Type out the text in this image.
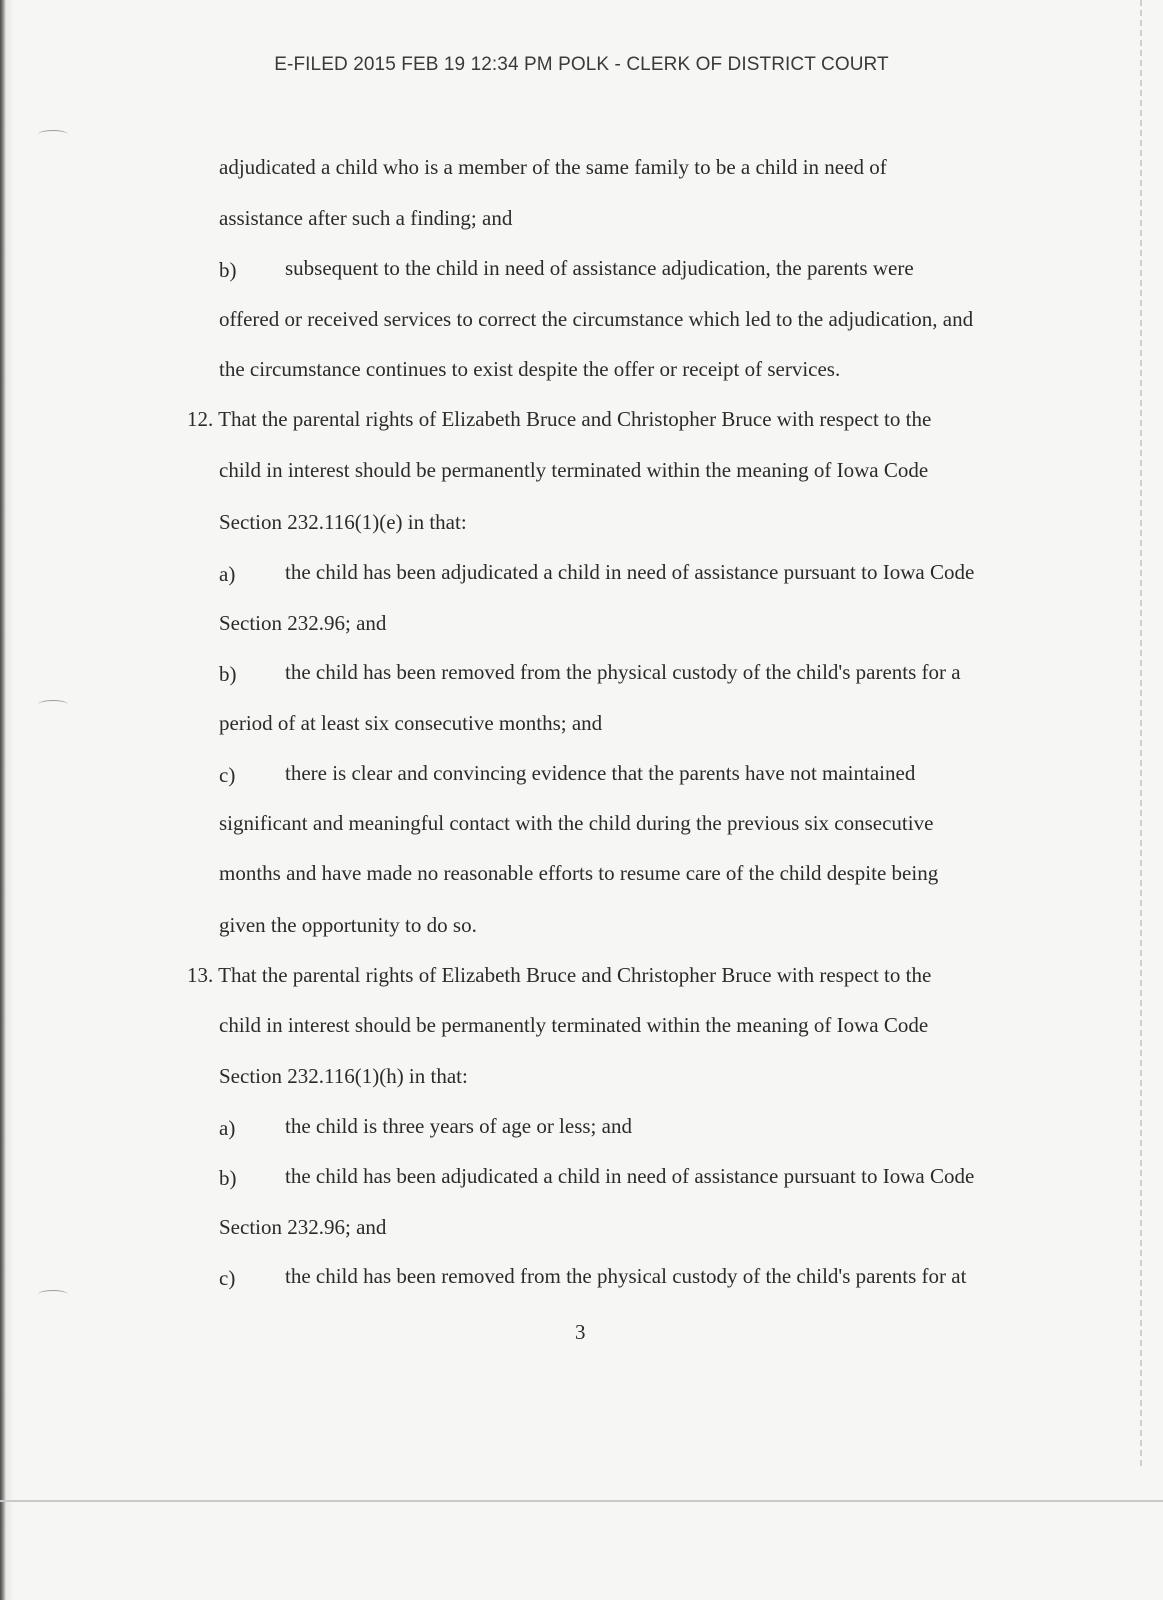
E-FILED 2015 FEB 19 12:34 PM POLK - CLERK OF DISTRICT COURT
adjudicated a child who is a member of the same family to be a child in need of
assistance after such a finding; and
b) subsequent to the child in need of assistance adjudication, the parents were
offered or received services to correct the circumstance which led to the adjudication, and
the circumstance continues to exist despite the offer or receipt of services.
12. That the parental rights of Elizabeth Bruce and Christopher Bruce with respect to the
child in interest should be permanently terminated within the meaning of Iowa Code
Section 232.116(1)(e) in that:
a) the child has been adjudicated a child in need of assistance pursuant to Iowa Code
Section 232.96; and
b) the child has been removed from the physical custody of the child's parents for a
period of at least six consecutive months; and
c) there is clear and convincing evidence that the parents have not maintained
significant and meaningful contact with the child during the previous six consecutive
months and have made no reasonable efforts to resume care of the child despite being
given the opportunity to do so.
13. That the parental rights of Elizabeth Bruce and Christopher Bruce with respect to the
child in interest should be permanently terminated within the meaning of Iowa Code
Section 232.116(1)(h) in that:
a) the child is three years of age or less; and
b) the child has been adjudicated a child in need of assistance pursuant to Iowa Code
Section 232.96; and
c) the child has been removed from the physical custody of the child's parents for at
3
